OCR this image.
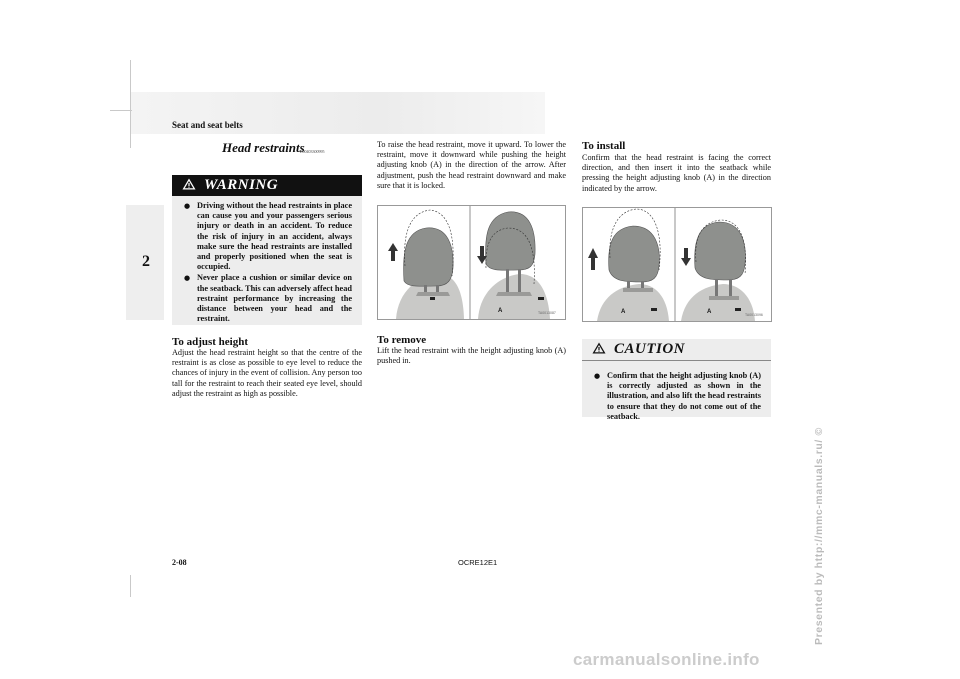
Seat and seat belts
2
Head restraints
E00403300995
WARNING
● Driving without the head restraints in place can cause you and your passengers serious injury or death in an accident. To reduce the risk of injury in an accident, always make sure the head restraints are installed and properly positioned when the seat is occupied.
● Never place a cushion or similar device on the seatback. This can adversely affect head restraint performance by increasing the distance between your head and the restraint.
To adjust height
Adjust the head restraint height so that the centre of the restraint is as close as possible to eye level to reduce the chances of injury in the event of collision. Any person too tall for the restraint to reach their seated eye level, should adjust the restraint as high as possible.
To raise the head restraint, move it upward. To lower the restraint, move it downward while pushing the height adjusting knob (A) in the direction of the arrow. After adjustment, push the head restraint downward and make sure that it is locked.
A	TA0013087
To remove
Lift the head restraint with the height adjusting knob (A) pushed in.
To install
Confirm that the head restraint is facing the correct direction, and then insert it into the seatback while pressing the height adjusting knob (A) in the direction indicated by the arrow.
A	A	TA0013096
CAUTION
● Confirm that the height adjusting knob (A) is correctly adjusted as shown in the illustration, and also lift the head restraints to ensure that they do not come out of the seatback.
2-08	OCRE12E1	Presented by http://mmc-manuals.ru/ ©
carmanualsonline.info
